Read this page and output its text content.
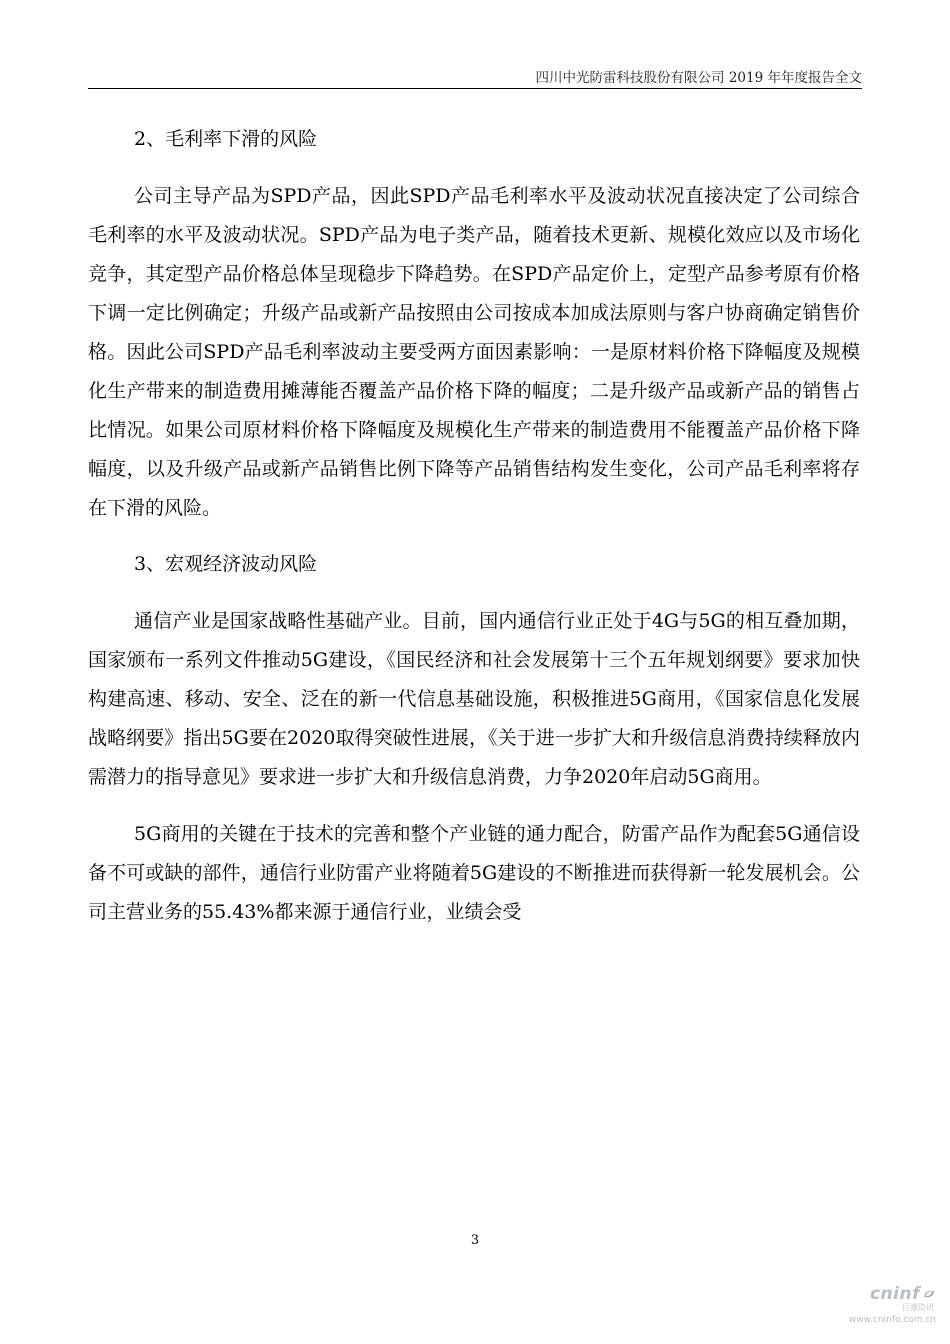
四川中光防雷科技股份有限公司 2019 年年度报告全文
2、毛利率下滑的风险

公司主导产品为SPD产品，因此SPD产品毛利率水平及波动状况直接决定了公司综合毛利率的水平及波动状况。SPD产品为电子类产品，随着技术更新、规模化效应以及市场化竞争，其定型产品价格总体呈现稳步下降趋势。在SPD产品定价上，定型产品参考原有价格下调一定比例确定；升级产品或新产品按照由公司按成本加成法原则与客户协商确定销售价格。因此公司SPD产品毛利率波动主要受两方面因素影响：一是原材料价格下降幅度及规模化生产带来的制造费用摊薄能否覆盖产品价格下降的幅度；二是升级产品或新产品的销售占比情况。如果公司原材料价格下降幅度及规模化生产带来的制造费用不能覆盖产品价格下降幅度，以及升级产品或新产品销售比例下降等产品销售结构发生变化，公司产品毛利率将存在下滑的风险。

3、宏观经济波动风险

通信产业是国家战略性基础产业。目前，国内通信行业正处于4G与5G的相互叠加期，国家颁布一系列文件推动5G建设，《国民经济和社会发展第十三个五年规划纲要》要求加快构建高速、移动、安全、泛在的新一代信息基础设施，积极推进5G商用，《国家信息化发展战略纲要》指出5G要在2020取得突破性进展，《关于进一步扩大和升级信息消费持续释放内需潜力的指导意见》要求进一步扩大和升级信息消费，力争2020年启动5G商用。

5G商用的关键在于技术的完善和整个产业链的通力配合，防雷产品作为配套5G通信设备不可或缺的部件，通信行业防雷产业将随着5G建设的不断推进而获得新一轮发展机会。公司主营业务的55.43%都来源于通信行业，业绩会受

3
cninf
巨潮资讯
www.cninfo.com.cn
